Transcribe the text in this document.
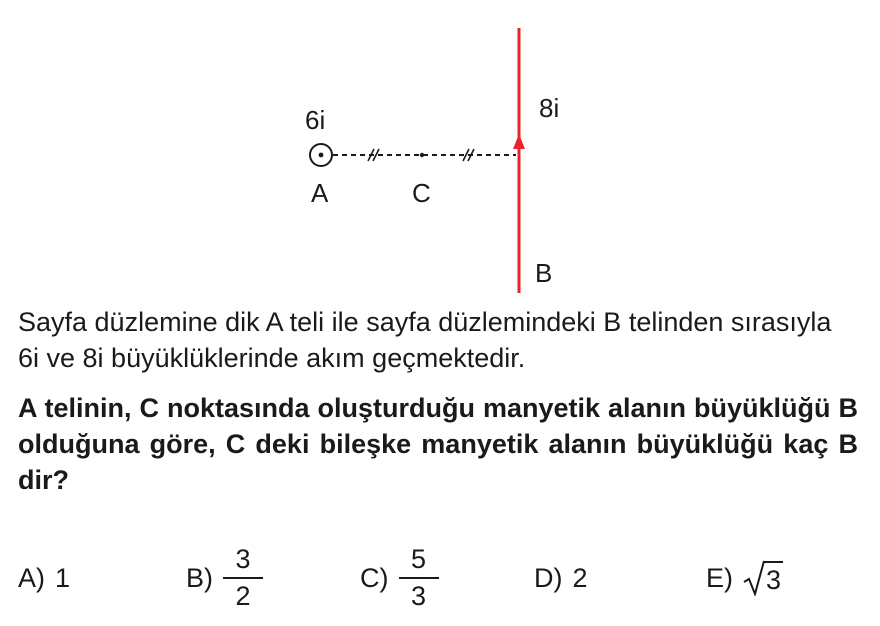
6i
A	C
8i
B
Sayfa düzlemine dik A teli ile sayfa düzlemindeki B telinden sırasıyla 6i ve 8i büyüklüklerinde akım geçmektedir.
A telinin, C noktasında oluşturduğu manyetik alanın büyüklüğü B olduğuna göre, C deki bileşke manyetik alanın büyüklüğü kaç B dir?
A) 1	$B) \frac{3}{2}$	$C) \frac{5}{3}$	D) 2	E) 3
